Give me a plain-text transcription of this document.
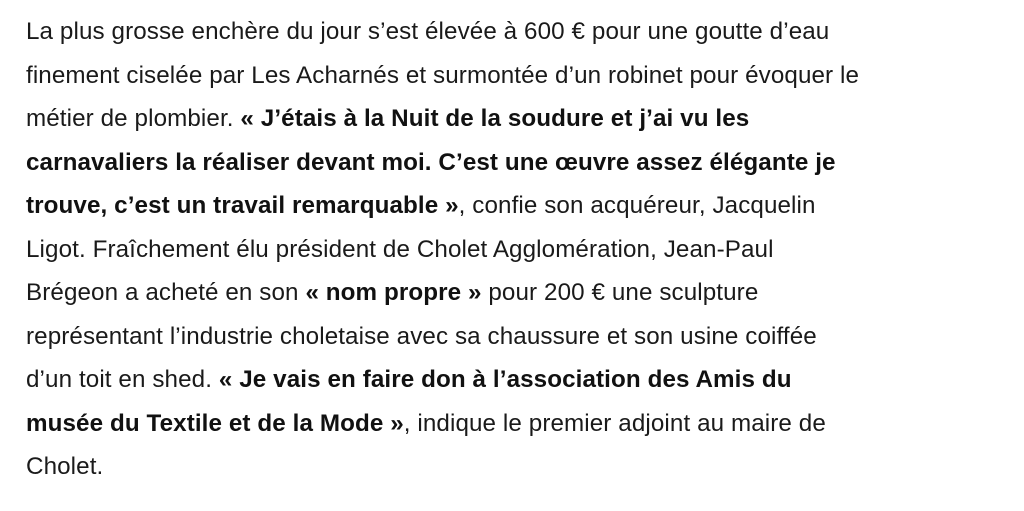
La plus grosse enchère du jour s’est élevée à 600 € pour une goutte d’eau
finement ciselée par Les Acharnés et surmontée d’un robinet pour évoquer le
métier de plombier. « J’étais à la Nuit de la soudure et j’ai vu les
carnavaliers la réaliser devant moi. C’est une œuvre assez élégante je
trouve, c’est un travail remarquable », confie son acquéreur, Jacquelin
Ligot. Fraîchement élu président de Cholet Agglomération, Jean-Paul
Brégeon a acheté en son « nom propre » pour 200 € une sculpture
représentant l’industrie choletaise avec sa chaussure et son usine coiffée
d’un toit en shed. « Je vais en faire don à l’association des Amis du
musée du Textile et de la Mode », indique le premier adjoint au maire de
Cholet.
